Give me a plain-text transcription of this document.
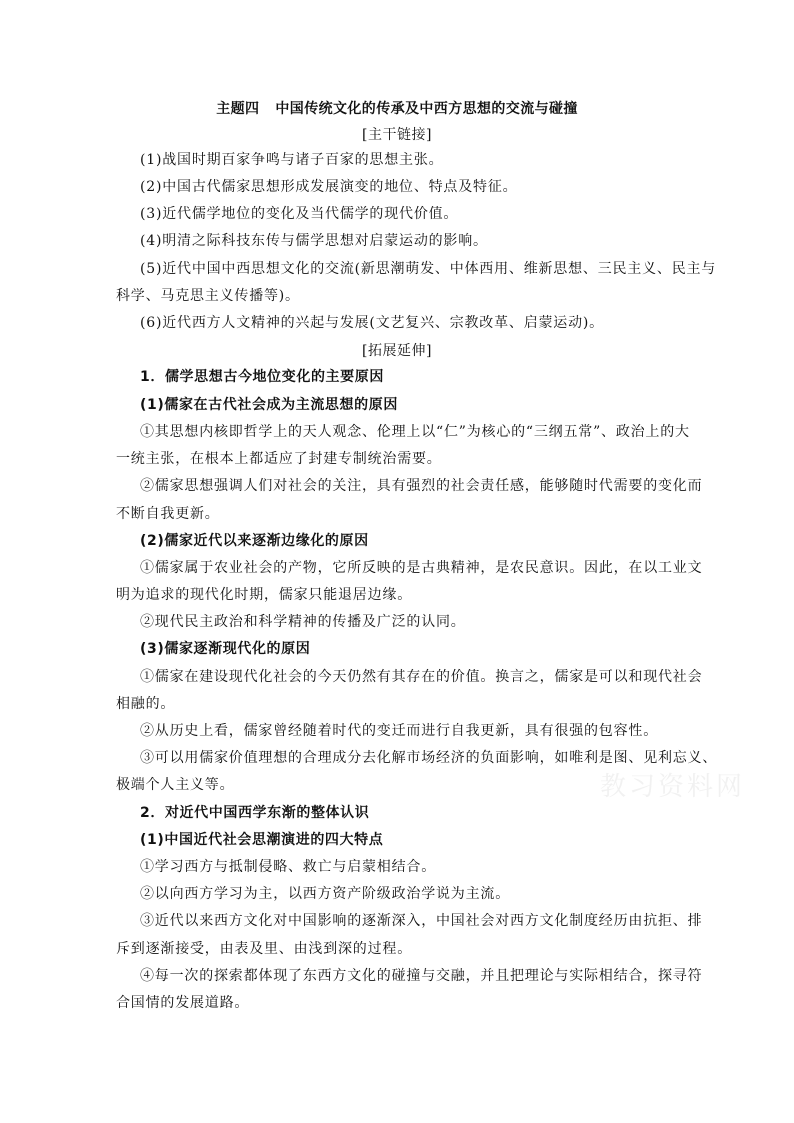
主题四 中国传统文化的传承及中西方思想的交流与碰撞
[主干链接]
(1)战国时期百家争鸣与诸子百家的思想主张。
(2)中国古代儒家思想形成发展演变的地位、特点及特征。
(3)近代儒学地位的变化及当代儒学的现代价值。
(4)明清之际科技东传与儒学思想对启蒙运动的影响。
(5)近代中国中西思想文化的交流(新思潮萌发、中体西用、维新思想、三民主义、民主与
科学、马克思主义传播等)。
(6)近代西方人文精神的兴起与发展(文艺复兴、宗教改革、启蒙运动)。
[拓展延伸]
1．儒学思想古今地位变化的主要原因
(1)儒家在古代社会成为主流思想的原因
①其思想内核即哲学上的天人观念、伦理上以“仁”为核心的“三纲五常”、政治上的大
一统主张，在根本上都适应了封建专制统治需要。
②儒家思想强调人们对社会的关注，具有强烈的社会责任感，能够随时代需要的变化而
不断自我更新。
(2)儒家近代以来逐渐边缘化的原因
①儒家属于农业社会的产物，它所反映的是古典精神，是农民意识。因此，在以工业文
明为追求的现代化时期，儒家只能退居边缘。
②现代民主政治和科学精神的传播及广泛的认同。
(3)儒家逐渐现代化的原因
①儒家在建设现代化社会的今天仍然有其存在的价值。换言之，儒家是可以和现代社会
相融的。
②从历史上看，儒家曾经随着时代的变迁而进行自我更新，具有很强的包容性。
③可以用儒家价值理想的合理成分去化解市场经济的负面影响，如唯利是图、见利忘义、
极端个人主义等。
2．对近代中国西学东渐的整体认识
(1)中国近代社会思潮演进的四大特点
①学习西方与抵制侵略、救亡与启蒙相结合。
②以向西方学习为主，以西方资产阶级政治学说为主流。
③近代以来西方文化对中国影响的逐渐深入，中国社会对西方文化制度经历由抗拒、排
斥到逐渐接受，由表及里、由浅到深的过程。
④每一次的探索都体现了东西方文化的碰撞与交融，并且把理论与实际相结合，探寻符
合国情的发展道路。
教习资料网
